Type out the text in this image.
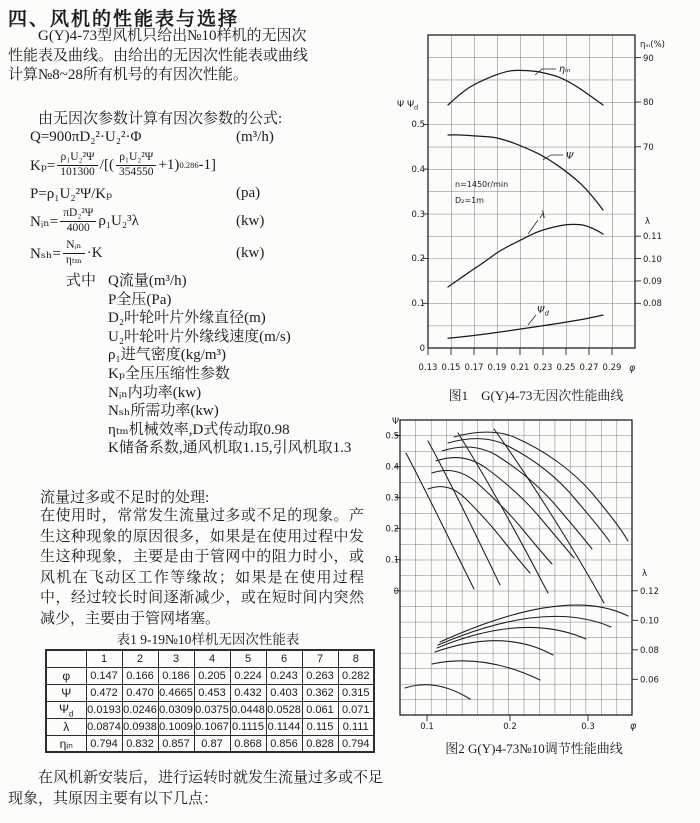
四、风机的性能表与选择

G(Y)4-73型风机只给出№10样机的无因次性能表及曲线。由给出的无因次性能表或曲线计算№8~28所有机号的有因次性能。

由无因次参数计算有因次参数的公式:

Q=900πD₂²·U₂²·Φ	(m³/h)
$K_p= \frac{\text{ρ₁U₂²Ψ}}{101300}$ /[( $\frac{\text{ρ₁U₂²Ψ}}{354550} +1$) 0.286 -1]
P=ρ₁U₂²Ψ/Kₚ	(pa)
Nᵢₙ= $\frac{\text{πD₂²Ψ}}{4000} \rho_1U_2^3\lambda$	(kw)
$N_{sh}= \frac{\text{Nᵢₙ}}{\text{ηₜₘ}} \cdot K$	(kw)
式中 Q流量(m³/h)
P全压(Pa)
D₂叶轮叶片外缘直径(m)
U₂叶轮叶片外缘线速度(m/s)
ρ₁进气密度(kg/m³)
Kₚ全压压缩性参数
Nᵢₙ内功率(kw)
Nₛₕ所需功率(kw)
ηₜₘ机械效率,D式传动取0.98
K储备系数,通风机取1.15,引风机取1.3
流量过多或不足时的处理:
在使用时，常常发生流量过多或不足的现象。产生这种现象的原因很多，如果是在使用过程中发生这种现象，主要是由于管网中的阻力时小，或风机在飞动区工作等缘故；如果是在使用过程中，经过较长时间逐渐减少，或在短时间内突然减少，主要由于管网堵塞。
表1 9-19№10样机无因次性能表
	1	2	3	4	5	6	7	8
φ	0.147	0.166	0.186	0.205	0.224	0.243	0.263	0.282
Ψ	0.472	0.470	0.4665	0.453	0.432	0.403	0.362	0.315
$\Psi_d$	0.0193	0.0246	0.0309	0.0375	0.0448	0.0528	0.061	0.071
λ	0.0874	0.0938	0.1009	0.1067	0.1115	0.1144	0.115	0.111
ηᵢₙ	0.794	0.832	0.857	0.87	0.868	0.856	0.828	0.794

在风机新安装后，进行运转时就发生流量过多或不足现象，其原因主要有以下几点：

Ψ $\Psi_d$
0.5
0.4
0.3
0.2
0.1
0
ηᵢₙ(%)
90
80
70
λ
0.11
0.10
0.09
0.08
0.13 0.15 0.17 0.19 0.21 0.23 0.25 0.27 0.29 φ
n=1450r/min
D₂=1m
ηᵢₙ
Ψ
λ
$\Psi_d$
图1　G(Y)4-73无因次性能曲线
Ψ
0.5
0.4
0.3
0.2
0.1
0
λ
0.12
0.10
0.08
0.06
0.1	0.2	0.3	φ
图2 G(Y)4-73№10调节性能曲线
